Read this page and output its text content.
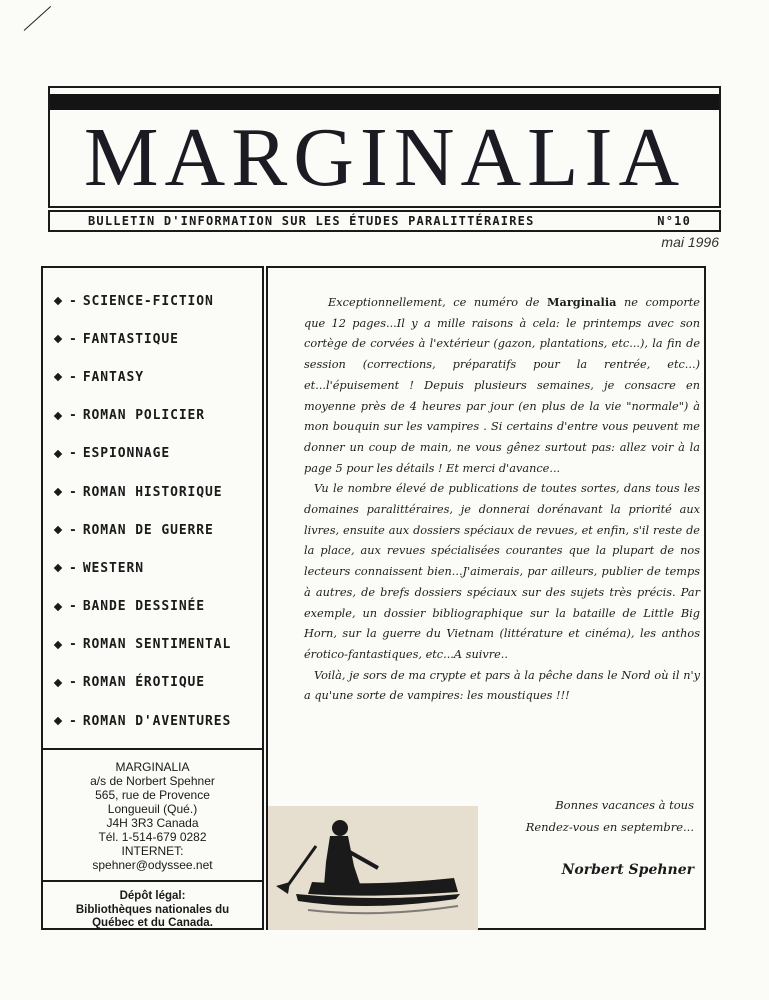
MARGINALIA
BULLETIN D'INFORMATION SUR LES ÉTUDES PARALITTÉRAIRES	N°10
mai 1996
- SCIENCE-FICTION
- FANTASTIQUE
- FANTASY
- ROMAN POLICIER
- ESPIONNAGE
- ROMAN HISTORIQUE
- ROMAN DE GUERRE
- WESTERN
- BANDE DESSINÉE
- ROMAN SENTIMENTAL
- ROMAN ÉROTIQUE
- ROMAN D'AVENTURES
MARGINALIA
a/s de Norbert Spehner
565, rue de Provence
Longueuil (Qué.)
J4H 3R3 Canada
Tél. 1-514-679 0282
INTERNET:
spehner@odyssee.net
Dépôt légal:
Bibliothèques nationales du
Québec et du Canada.

Exceptionnellement, ce numéro de Marginalia ne comporte que 12 pages...Il y a mille raisons à cela: le printemps avec son cortège de corvées à l'extérieur (gazon, plantations, etc...), la fin de session (corrections, préparatifs pour la rentrée, etc...) et...l'épuisement ! Depuis plusieurs semaines, je consacre en moyenne près de 4 heures par jour (en plus de la vie "normale") à mon bouquin sur les vampires . Si certains d'entre vous peuvent me donner un coup de main, ne vous gênez surtout pas: allez voir à la page 5 pour les détails ! Et merci d'avance...

Vu le nombre élevé de publications de toutes sortes, dans tous les domaines paralittéraires, je donnerai dorénavant la priorité aux livres, ensuite aux dossiers spéciaux de revues, et enfin, s'il reste de la place, aux revues spécialisées courantes que la plupart de nos lecteurs connaissent bien...J'aimerais, par ailleurs, publier de temps à autres, de brefs dossiers spéciaux sur des sujets très précis. Par exemple, un dossier bibliographique sur la bataille de Little Big Horn, sur la guerre du Vietnam (littérature et cinéma), les anthos érotico-fantastiques, etc...A suivre..

Voilà, je sors de ma crypte et pars à la pêche dans le Nord où il n'y a qu'une sorte de vampires: les moustiques !!!

Bonnes vacances à tous
Rendez-vous en septembre...
Norbert Spehner
